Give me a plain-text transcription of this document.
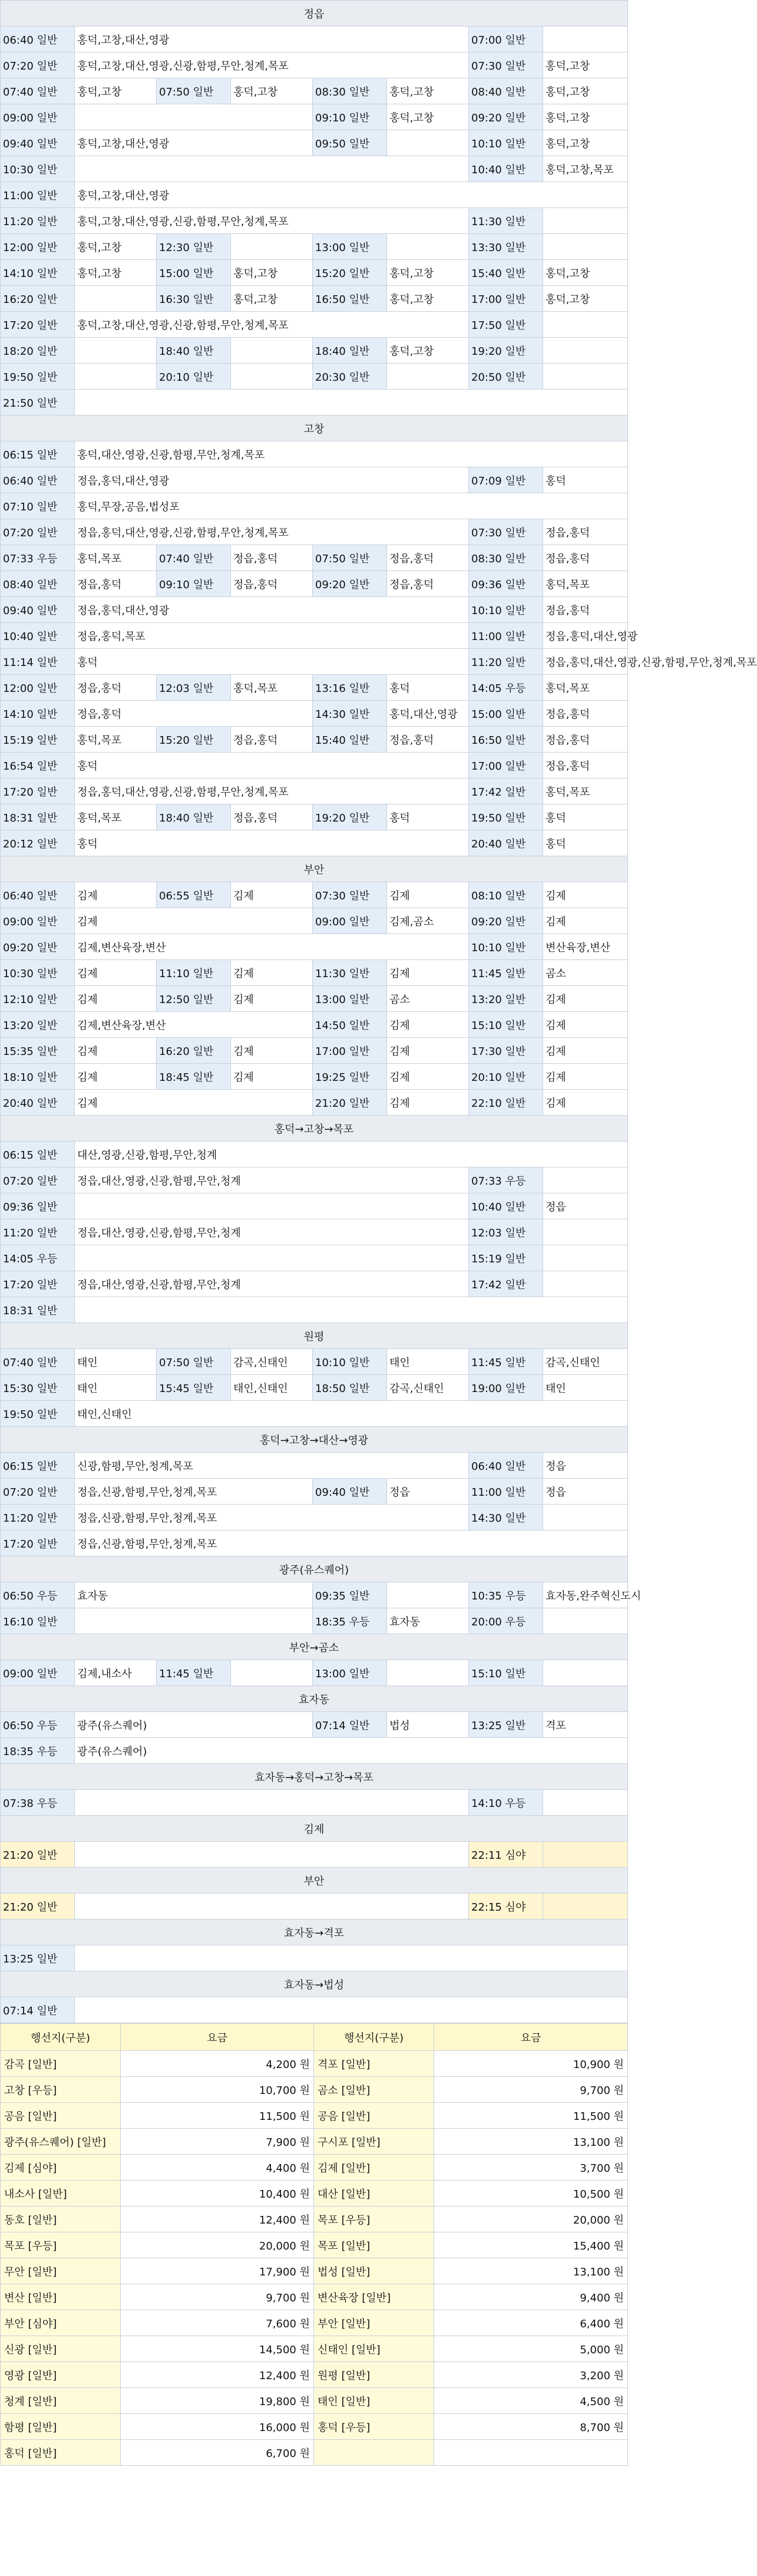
정읍							
06:40 일반	홍덕,고창,대산,영광					07:00 일반	
07:20 일반	홍덕,고창,대산,영광,신광,함평,무안,청계,목포					07:30 일반	홍덕,고창
07:40 일반	홍덕,고창	07:50 일반	홍덕,고창	08:30 일반	홍덕,고창	08:40 일반	홍덕,고창
09:00 일반				09:10 일반	홍덕,고창	09:20 일반	홍덕,고창
09:40 일반	홍덕,고창,대산,영광			09:50 일반		10:10 일반	홍덕,고창
10:30 일반						10:40 일반	홍덕,고창,목포
11:00 일반	홍덕,고창,대산,영광						
11:20 일반	홍덕,고창,대산,영광,신광,함평,무안,청계,목포					11:30 일반	
12:00 일반	홍덕,고창	12:30 일반		13:00 일반		13:30 일반	
14:10 일반	홍덕,고창	15:00 일반	홍덕,고창	15:20 일반	홍덕,고창	15:40 일반	홍덕,고창
16:20 일반		16:30 일반	홍덕,고창	16:50 일반	홍덕,고창	17:00 일반	홍덕,고창
17:20 일반	홍덕,고창,대산,영광,신광,함평,무안,청계,목포					17:50 일반	
18:20 일반		18:40 일반		18:40 일반	홍덕,고창	19:20 일반	
19:50 일반		20:10 일반		20:30 일반		20:50 일반	
21:50 일반							
고창							
06:15 일반	홍덕,대산,영광,신광,함평,무안,청계,목포						
06:40 일반	정읍,홍덕,대산,영광					07:09 일반	홍덕
07:10 일반	홍덕,무장,공음,법성포						
07:20 일반	정읍,홍덕,대산,영광,신광,함평,무안,청계,목포					07:30 일반	정읍,홍덕
07:33 우등	홍덕,목포	07:40 일반	정읍,홍덕	07:50 일반	정읍,홍덕	08:30 일반	정읍,홍덕
08:40 일반	정읍,홍덕	09:10 일반	정읍,홍덕	09:20 일반	정읍,홍덕	09:36 일반	홍덕,목포
09:40 일반	정읍,홍덕,대산,영광					10:10 일반	정읍,홍덕
10:40 일반	정읍,홍덕,목포					11:00 일반	정읍,홍덕,대산,영광
11:14 일반	홍덕					11:20 일반	정읍,홍덕,대산,영광,신광,함평,무안,청계,목포
12:00 일반	정읍,홍덕	12:03 일반	홍덕,목포	13:16 일반	홍덕	14:05 우등	홍덕,목포
14:10 일반	정읍,홍덕			14:30 일반	홍덕,대산,영광	15:00 일반	정읍,홍덕
15:19 일반	홍덕,목포	15:20 일반	정읍,홍덕	15:40 일반	정읍,홍덕	16:50 일반	정읍,홍덕
16:54 일반	홍덕					17:00 일반	정읍,홍덕
17:20 일반	정읍,홍덕,대산,영광,신광,함평,무안,청계,목포					17:42 일반	홍덕,목포
18:31 일반	홍덕,목포	18:40 일반	정읍,홍덕	19:20 일반	홍덕	19:50 일반	홍덕
20:12 일반	홍덕					20:40 일반	홍덕
부안							
06:40 일반	김제	06:55 일반	김제	07:30 일반	김제	08:10 일반	김제
09:00 일반	김제			09:00 일반	김제,곰소	09:20 일반	김제
09:20 일반	김제,변산육장,변산					10:10 일반	변산육장,변산
10:30 일반	김제	11:10 일반	김제	11:30 일반	김제	11:45 일반	곰소
12:10 일반	김제	12:50 일반	김제	13:00 일반	곰소	13:20 일반	김제
13:20 일반	김제,변산육장,변산			14:50 일반	김제	15:10 일반	김제
15:35 일반	김제	16:20 일반	김제	17:00 일반	김제	17:30 일반	김제
18:10 일반	김제	18:45 일반	김제	19:25 일반	김제	20:10 일반	김제
20:40 일반	김제			21:20 일반	김제	22:10 일반	김제
홍덕→고창→목포							
06:15 일반	대산,영광,신광,함평,무안,청계						
07:20 일반	정읍,대산,영광,신광,함평,무안,청계					07:33 우등	
09:36 일반						10:40 일반	정읍
11:20 일반	정읍,대산,영광,신광,함평,무안,청계					12:03 일반	
14:05 우등						15:19 일반	
17:20 일반	정읍,대산,영광,신광,함평,무안,청계					17:42 일반	
18:31 일반							
원평							
07:40 일반	태인	07:50 일반	감곡,신태인	10:10 일반	태인	11:45 일반	감곡,신태인
15:30 일반	태인	15:45 일반	태인,신태인	18:50 일반	감곡,신태인	19:00 일반	태인
19:50 일반	태인,신태인						
홍덕→고창→대산→영광							
06:15 일반	신광,함평,무안,청계,목포					06:40 일반	정읍
07:20 일반	정읍,신광,함평,무안,청계,목포			09:40 일반	정읍	11:00 일반	정읍
11:20 일반	정읍,신광,함평,무안,청계,목포					14:30 일반	
17:20 일반	정읍,신광,함평,무안,청계,목포						
광주(유스퀘어)							
06:50 우등	효자동			09:35 일반		10:35 우등	효자동,완주혁신도시
16:10 일반				18:35 우등	효자동	20:00 우등	
부안→곰소							
09:00 일반	김제,내소사	11:45 일반		13:00 일반		15:10 일반	
효자동							
06:50 우등	광주(유스퀘어)			07:14 일반	법성	13:25 일반	격포
18:35 우등	광주(유스퀘어)						
효자동→홍덕→고창→목포							
07:38 우등						14:10 우등	
김제							
21:20 일반						22:11 심야	
부안							
21:20 일반						22:15 심야	
효자동→격포							
13:25 일반							
효자동→법성							
07:14 일반							
행선지(구분)	요금	행선지(구분)	요금
감곡 [일반]	4,200 원	격포 [일반]	10,900 원
고창 [우등]	10,700 원	곰소 [일반]	9,700 원
공음 [일반]	11,500 원	공음 [일반]	11,500 원
광주(유스퀘어) [일반]	7,900 원	구시포 [일반]	13,100 원
김제 [심야]	4,400 원	김제 [일반]	3,700 원
내소사 [일반]	10,400 원	대산 [일반]	10,500 원
동호 [일반]	12,400 원	목포 [우등]	20,000 원
목포 [우등]	20,000 원	목포 [일반]	15,400 원
무안 [일반]	17,900 원	법성 [일반]	13,100 원
변산 [일반]	9,700 원	변산육장 [일반]	9,400 원
부안 [심야]	7,600 원	부안 [일반]	6,400 원
신광 [일반]	14,500 원	신태인 [일반]	5,000 원
영광 [일반]	12,400 원	원평 [일반]	3,200 원
청계 [일반]	19,800 원	태인 [일반]	4,500 원
함평 [일반]	16,000 원	홍덕 [우등]	8,700 원
홍덕 [일반]	6,700 원		
